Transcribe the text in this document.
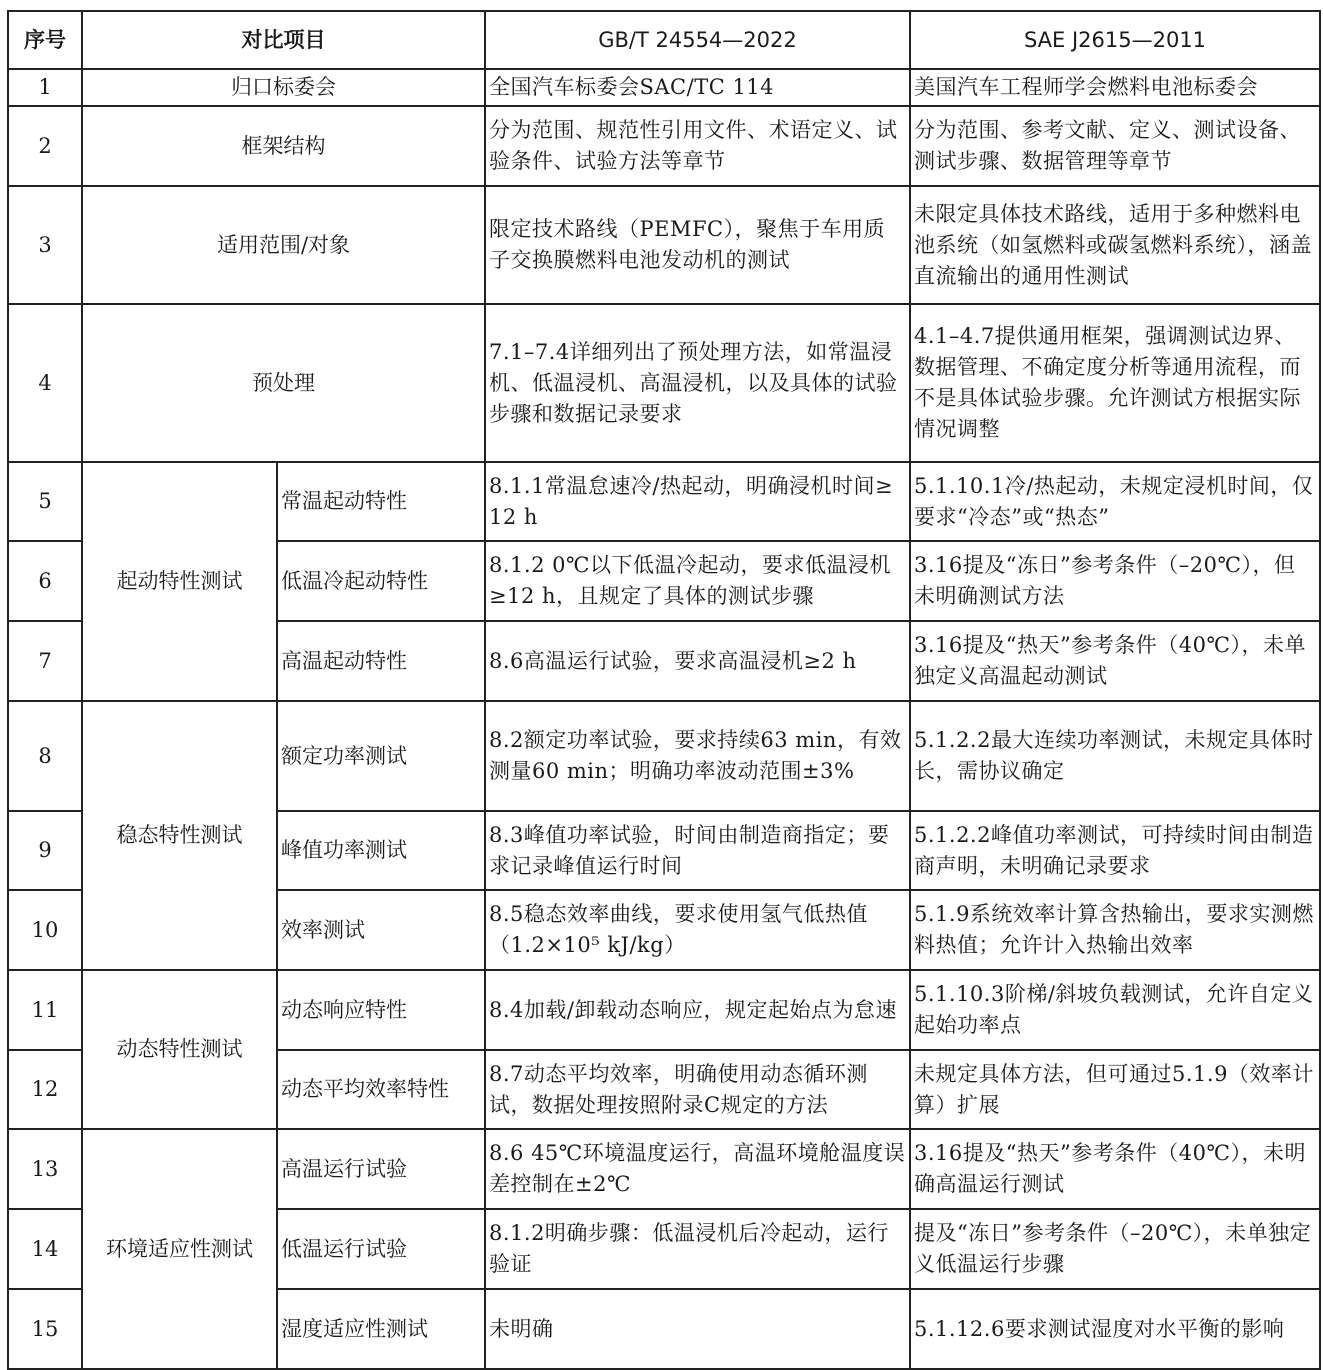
序号	对比项目		GB/T 24554—2022	SAE J2615—2011
1	归口标委会		全国汽车标委会SAC/TC 114	美国汽车工程师学会燃料电池标委会
2	框架结构		分为范围、规范性引用文件、术语定义、试验条件、试验方法等章节	分为范围、参考文献、定义、测试设备、测试步骤、数据管理等章节
3	适用范围/对象		限定技术路线（PEMFC），聚焦于车用质子交换膜燃料电池发动机的测试	未限定具体技术路线，适用于多种燃料电池系统（如氢燃料或碳氢燃料系统），涵盖直流输出的通用性测试
4	预处理		7.1–7.4详细列出了预处理方法，如常温浸机、低温浸机、高温浸机，以及具体的试验步骤和数据记录要求	4.1–4.7提供通用框架，强调测试边界、数据管理、不确定度分析等通用流程，而不是具体试验步骤。允许测试方根据实际情况调整
5	起动特性测试	常温起动特性	8.1.1常温怠速冷/热起动，明确浸机时间≥12 h	5.1.10.1冷/热起动，未规定浸机时间，仅要求“冷态”或“热态”
6		低温冷起动特性	8.1.2 0℃以下低温冷起动，要求低温浸机≥12 h，且规定了具体的测试步骤	3.16提及“冻日”参考条件（–20℃），但未明确测试方法
7		高温起动特性	8.6高温运行试验，要求高温浸机≥2 h	3.16提及“热天”参考条件（40℃），未单独定义高温起动测试
8	稳态特性测试	额定功率测试	8.2额定功率试验，要求持续63 min，有效测量60 min；明确功率波动范围±3%	5.1.2.2最大连续功率测试，未规定具体时长，需协议确定
9		峰值功率测试	8.3峰值功率试验，时间由制造商指定；要求记录峰值运行时间	5.1.2.2峰值功率测试，可持续时间由制造商声明，未明确记录要求
10		效率测试	8.5稳态效率曲线，要求使用氢气低热值（1.2×10⁵ kJ/kg）	5.1.9系统效率计算含热输出，要求实测燃料热值；允许计入热输出效率
11	动态特性测试	动态响应特性	8.4加载/卸载动态响应，规定起始点为怠速	5.1.10.3阶梯/斜坡负载测试，允许自定义起始功率点
12		动态平均效率特性	8.7动态平均效率，明确使用动态循环测试，数据处理按照附录C规定的方法	未规定具体方法，但可通过5.1.9（效率计算）扩展
13	环境适应性测试	高温运行试验	8.6 45℃环境温度运行，高温环境舱温度误差控制在±2℃	3.16提及“热天”参考条件（40℃），未明确高温运行测试
14		低温运行试验	8.1.2明确步骤：低温浸机后冷起动，运行验证	提及“冻日”参考条件（–20℃），未单独定义低温运行步骤
15		湿度适应性测试	未明确	5.1.12.6要求测试湿度对水平衡的影响
